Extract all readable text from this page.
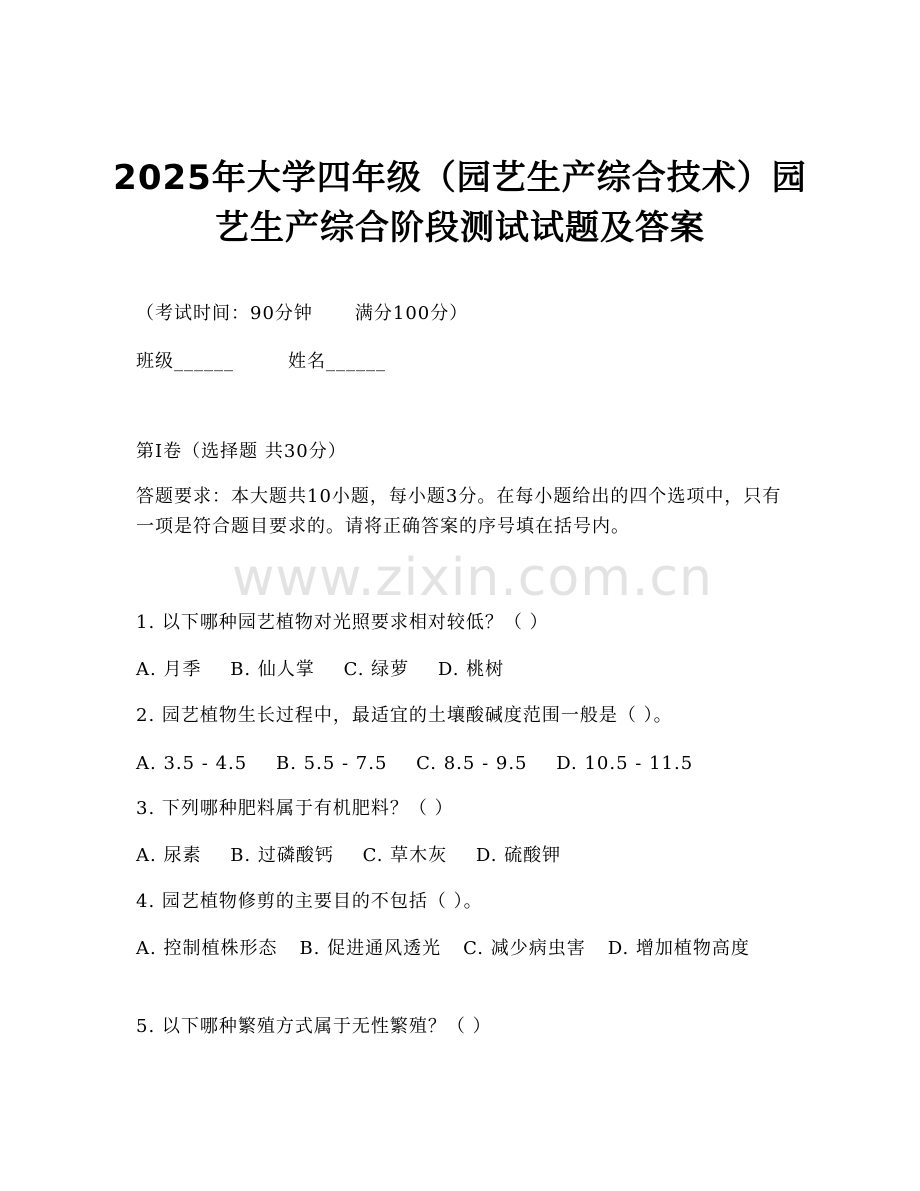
2025年大学四年级（园艺生产综合技术）园
艺生产综合阶段测试试题及答案
（考试时间：90分钟 满分100分）
班级______	姓名______
第I卷（选择题 共30分）
答题要求：本大题共10小题，每小题3分。在每小题给出的四个选项中，只有一项是符合题目要求的。请将正确答案的序号填在括号内。
www.zixin.com.cn
1. 以下哪种园艺植物对光照要求相对较低？（ ）
A. 月季 B. 仙人掌 C. 绿萝 D. 桃树
2. 园艺植物生长过程中，最适宜的土壤酸碱度范围一般是（ ）。
A. 3.5 - 4.5 B. 5.5 - 7.5 C. 8.5 - 9.5 D. 10.5 - 11.5
3. 下列哪种肥料属于有机肥料？（ ）
A. 尿素 B. 过磷酸钙 C. 草木灰 D. 硫酸钾
4. 园艺植物修剪的主要目的不包括（ ）。
A. 控制植株形态 B. 促进通风透光 C. 减少病虫害 D. 增加植物高度
5. 以下哪种繁殖方式属于无性繁殖？（ ）
